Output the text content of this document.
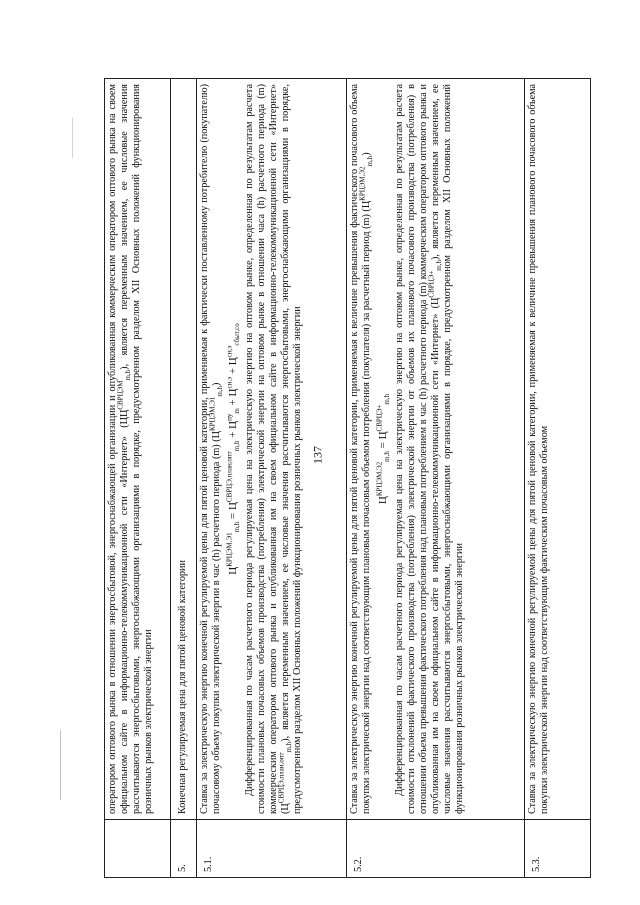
137

	оператором оптового рынка в отношении энергосбытовой, энергоснабжающей организации и опубликованная коммерческим оператором оптового рынка на своем официальном сайте в информационно-телекоммуникационной сети «Интернет» $(ЦЦ^{СВРЦЭМ}_{m,h})$, является переменным значением, ее числовые значения рассчитываются энергосбытовыми, энергоснабжающими организациями в порядке, предусмотренном разделом XII Основных положений функционирования розничных рынков электрической энергии

5.	Конечная регулируемая цена для пятой ценовой категории
5.1.	Ставка за электрическую энергию конечной регулируемой цены для пятой ценовой категории, применяемая к фактически поставленному потребителю (покупателю) почасовому объему покупки электрической энергии в час (h) расчетного периода (m) $(Ц^{КРЦЭМ,Э1}_{m,h})$

$Ц^{КРЦЭМ,Э1}_{m,h} = Ц^{СВРЦЭ,план,опт}_{m,h} + Ц^{пу}_m + Ц^{сн,э} + Ц^{сн,э}_{сбыт,со}$ Дифференцированная по часам расчетного периода регулируемая цена на электрическую энергию на оптовом рынке, определенная по результатам расчета стоимости плановых почасовых объемов производства (потребления) электрической энергии на оптовом рынке в отношении часа (h) расчетного периода (m) коммерческим оператором оптового рынка и опубликованная им на своем официальном сайте в информационно-телекоммуникационной сети «Интернет» $(Ц^{СВРЦЭ,план,опт}_{m,h})$, является переменным значением, ее числовые значения рассчитываются энергосбытовыми, энергоснабжающими организациями в порядке, предусмотренном разделом XII Основных положений функционирования розничных рынков электрической энергии

5.2.	Ставка за электрическую энергию конечной регулируемой цены для пятой ценовой категории, применяемая к величине превышения фактического почасового объема покупки электрической энергии над соответствующим плановым почасовым объемом потребления (покупателя) за расчетный период (m) $(Ц^{КРЦЭМ,Э2}_{m,h})$

$Ц^{КРЦЭМ,Э2}_{m,h} = Ц^{СВРЦЭ+}_{m,h}$ Дифференцированная по часам расчетного периода регулируемая цена на электрическую энергию на оптовом рынке, определенная по результатам расчета стоимости отклонений фактического производства (потребления) электрической энергии от объемов их планового почасового производства (потребления) в отношении объема превышения фактического потребления над плановым потреблением в час (h) расчетного периода (m) коммерческим оператором оптового рынка и опубликованная им на своем официальном сайте в информационно-телекоммуникационной сети «Интернет» $(Ц^{СВРЦЭ+}_{m,h})$, является переменным значением, ее числовые значения рассчитываются энергосбытовыми, энергоснабжающими организациями в порядке, предусмотренном разделом XII Основных положений функционирования розничных рынков электрической энергии

5.3.	Ставка за электрическую энергию конечной регулируемой цены для пятой ценовой категории, применяемая к величине превышения планового почасового объема покупки электрической энергии над соответствующим фактическим почасовым объемом
